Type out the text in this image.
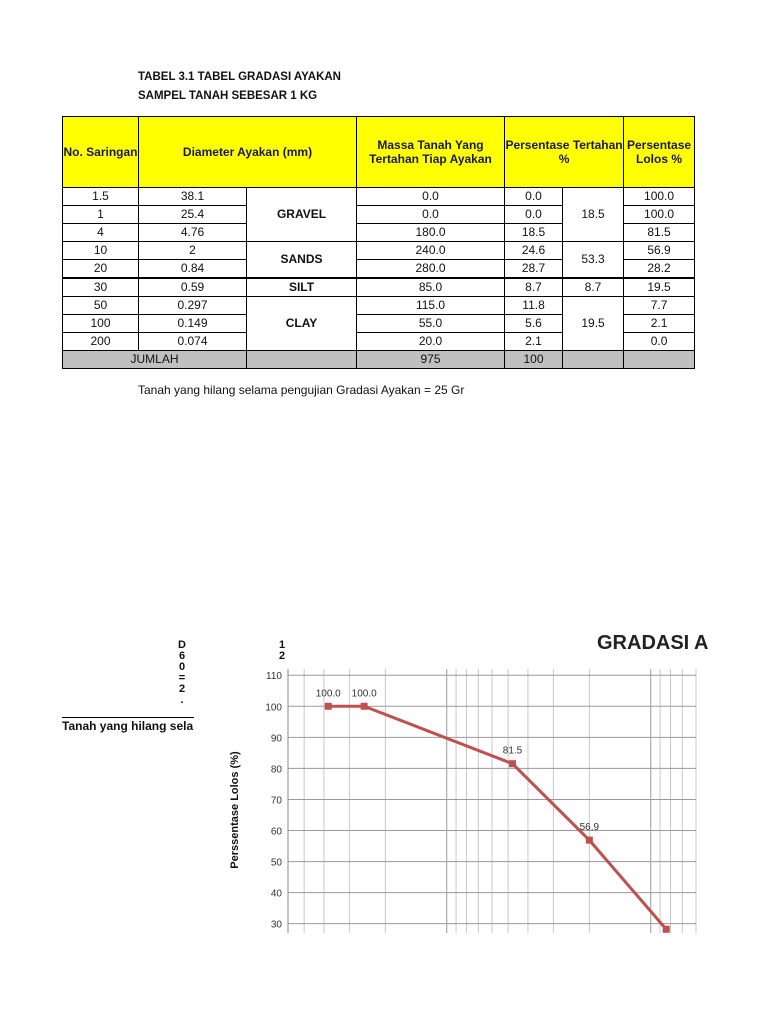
TABEL 3.1 TABEL GRADASI AYAKAN
SAMPEL TANAH SEBESAR 1 KG
No. Saringan	Diameter Ayakan (mm)		Massa Tanah Yang Tertahan Tiap Ayakan	Persentase Tertahan %		Persentase Lolos %
1.5	38.1	GRAVEL	0.0	0.0	18.5	100.0
1	25.4		0.0	0.0		100.0
4	4.76		180.0	18.5		81.5
10	2	SANDS	240.0	24.6	53.3	56.9
20	0.84		280.0	28.7		28.2
30	0.59	SILT	85.0	8.7	8.7	19.5
50	0.297	CLAY	115.0	11.8	19.5	7.7
100	0.149		55.0	5.6		2.1
200	0.074		20.0	2.1		0.0
JUMLAH			975	100		
Tanah yang hilang selama pengujian Gradasi Ayakan = 25 Gr
Tanah yang hilang sela
D
6
0
=
2
.
1
2
GRADASI A
30
40
50
60
70
80
90
100
110
100.0 100.0
81.5
56.9
Perssentase Lolos (%)
